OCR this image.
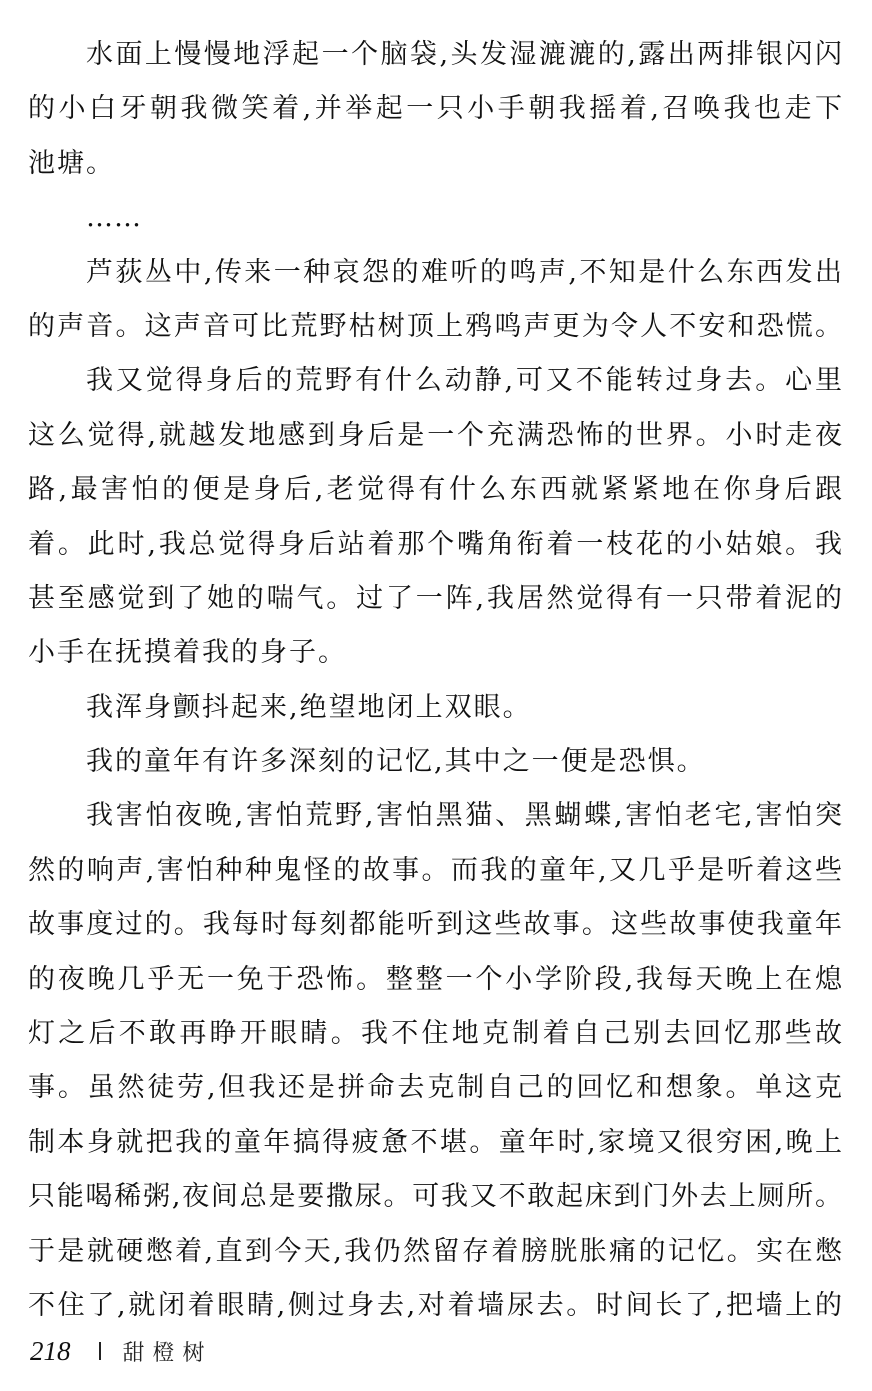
水面上慢慢地浮起一个脑袋,头发湿漉漉的,露出两排银闪闪
的小白牙朝我微笑着,并举起一只小手朝我摇着,召唤我也走下
池塘。
……
芦荻丛中,传来一种哀怨的难听的鸣声,不知是什么东西发出
的声音。这声音可比荒野枯树顶上鸦鸣声更为令人不安和恐慌。
我又觉得身后的荒野有什么动静,可又不能转过身去。心里
这么觉得,就越发地感到身后是一个充满恐怖的世界。小时走夜
路,最害怕的便是身后,老觉得有什么东西就紧紧地在你身后跟
着。此时,我总觉得身后站着那个嘴角衔着一枝花的小姑娘。我
甚至感觉到了她的喘气。过了一阵,我居然觉得有一只带着泥的
小手在抚摸着我的身子。
我浑身颤抖起来,绝望地闭上双眼。
我的童年有许多深刻的记忆,其中之一便是恐惧。
我害怕夜晚,害怕荒野,害怕黑猫、黑蝴蝶,害怕老宅,害怕突
然的响声,害怕种种鬼怪的故事。而我的童年,又几乎是听着这些
故事度过的。我每时每刻都能听到这些故事。这些故事使我童年
的夜晚几乎无一免于恐怖。整整一个小学阶段,我每天晚上在熄
灯之后不敢再睁开眼睛。我不住地克制着自己别去回忆那些故
事。虽然徒劳,但我还是拼命去克制自己的回忆和想象。单这克
制本身就把我的童年搞得疲惫不堪。童年时,家境又很穷困,晚上
只能喝稀粥,夜间总是要撒尿。可我又不敢起床到门外去上厕所。
于是就硬憋着,直到今天,我仍然留存着膀胱胀痛的记忆。实在憋
不住了,就闭着眼睛,侧过身去,对着墙尿去。时间长了,把墙上的
218 甜橙树
